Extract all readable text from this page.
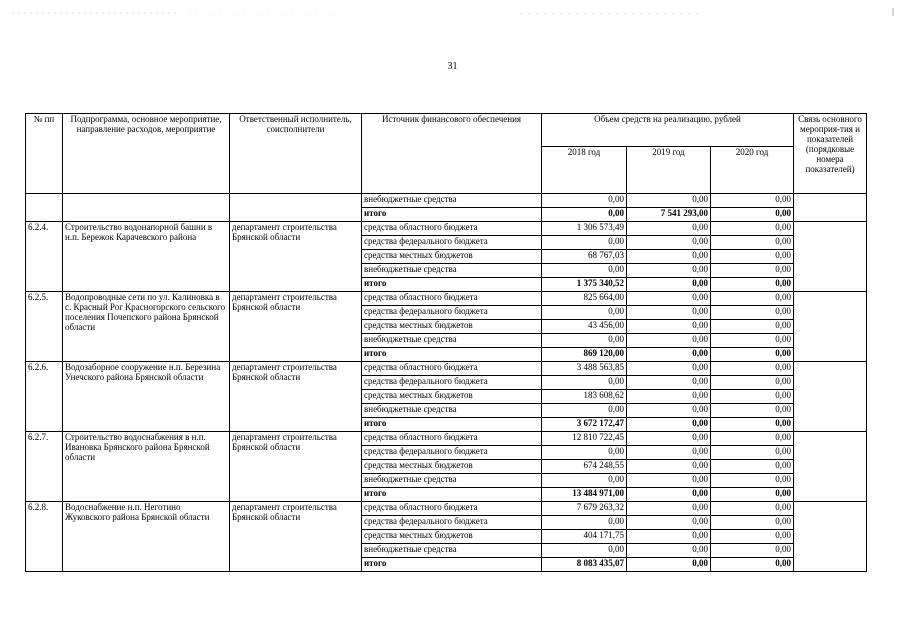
31
№ пп	Подпрограмма, основное мероприятие, направление расходов, мероприятие	Ответственный исполнитель, соисполнители	Источник финансового обеспечения	Объем средств на реализацию, рублей			Связь основного мероприя-тия и показателей (порядковые номера показателей)
				2018 год	2019 год	2020 год	
			внебюджетные средства	0,00	0,00	0,00	
			итого	0,00	7 541 293,00	0,00	
6.2.4.	Строительство водонапорной башни в н.п. Бережок Карачевского района	департамент строительства Брянской области	средства областного бюджета	1 306 573,49	0,00	0,00	
			средства федерального бюджета	0,00	0,00	0,00	
			средства местных бюджетов	68 767,03	0,00	0,00	
			внебюджетные средства	0,00	0,00	0,00	
			итого	1 375 340,52	0,00	0,00	
6.2.5.	Водопроводные сети по ул. Калиновка в с. Красный Рог Красногорского сельского поселения Почепского района Брянской области	департамент строительства Брянской области	средства областного бюджета	825 664,00	0,00	0,00	
			средства федерального бюджета	0,00	0,00	0,00	
			средства местных бюджетов	43 456,00	0,00	0,00	
			внебюджетные средства	0,00	0,00	0,00	
			итого	869 120,00	0,00	0,00	
6.2.6.	Водозаборное сооружение н.п. Березина Унечского района Брянской области	департамент строительства Брянской области	средства областного бюджета	3 488 563,85	0,00	0,00	
			средства федерального бюджета	0,00	0,00	0,00	
			средства местных бюджетов	183 608,62	0,00	0,00	
			внебюджетные средства	0,00	0,00	0,00	
			итого	3 672 172,47	0,00	0,00	
6.2.7.	Строительство водоснабжения в н.п. Ивановка Брянского района Брянской области	департамент строительства Брянской области	средства областного бюджета	12 810 722,45	0,00	0,00	
			средства федерального бюджета	0,00	0,00	0,00	
			средства местных бюджетов	674 248,55	0,00	0,00	
			внебюджетные средства	0,00	0,00	0,00	
			итого	13 484 971,00	0,00	0,00	
6.2.8.	Водоснабжение н.п. Неготино Жуковского района Брянской области	департамент строительства Брянской области	средства областного бюджета	7 679 263,32	0,00	0,00	
			средства федерального бюджета	0,00	0,00	0,00	
			средства местных бюджетов	404 171,75	0,00	0,00	
			внебюджетные средства	0,00	0,00	0,00	
			итого	8 083 435,07	0,00	0,00	
